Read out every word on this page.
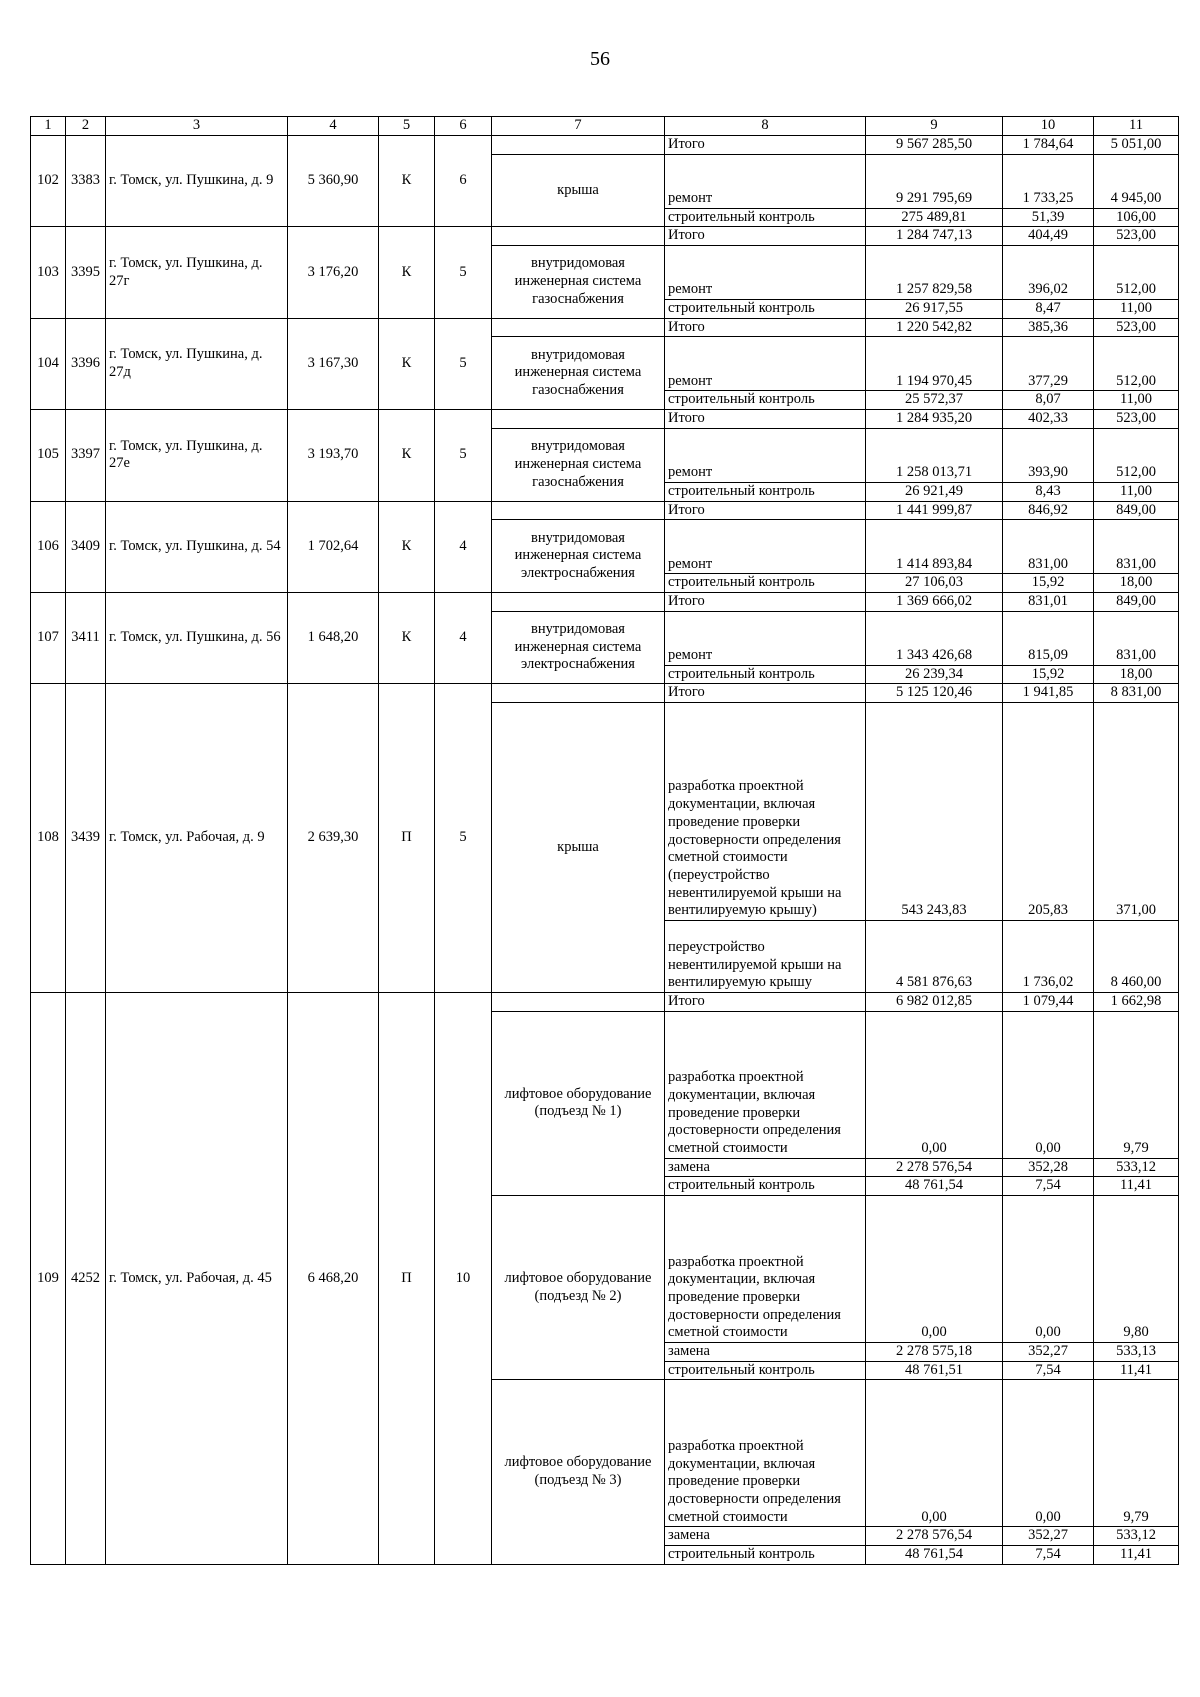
56
1	2	3	4	5	6	7	8	9	10	11
102	3383	г. Томск, ул. Пушкина, д. 9	5 360,90	К	6		Итого	9 567 285,50	1 784,64	5 051,00
						крыша	ремонт	9 291 795,69	1 733,25	4 945,00
							строительный контроль	275 489,81	51,39	106,00
103	3395	г. Томск, ул. Пушкина, д. 27г	3 176,20	К	5		Итого	1 284 747,13	404,49	523,00
						внутридомовая инженерная система газоснабжения	ремонт	1 257 829,58	396,02	512,00
							строительный контроль	26 917,55	8,47	11,00
104	3396	г. Томск, ул. Пушкина, д. 27д	3 167,30	К	5		Итого	1 220 542,82	385,36	523,00
						внутридомовая инженерная система газоснабжения	ремонт	1 194 970,45	377,29	512,00
							строительный контроль	25 572,37	8,07	11,00
105	3397	г. Томск, ул. Пушкина, д. 27е	3 193,70	К	5		Итого	1 284 935,20	402,33	523,00
						внутридомовая инженерная система газоснабжения	ремонт	1 258 013,71	393,90	512,00
							строительный контроль	26 921,49	8,43	11,00
106	3409	г. Томск, ул. Пушкина, д. 54	1 702,64	К	4		Итого	1 441 999,87	846,92	849,00
						внутридомовая инженерная система электроснабжения	ремонт	1 414 893,84	831,00	831,00
							строительный контроль	27 106,03	15,92	18,00
107	3411	г. Томск, ул. Пушкина, д. 56	1 648,20	К	4		Итого	1 369 666,02	831,01	849,00
						внутридомовая инженерная система электроснабжения	ремонт	1 343 426,68	815,09	831,00
							строительный контроль	26 239,34	15,92	18,00
108	3439	г. Томск, ул. Рабочая, д. 9	2 639,30	П	5		Итого	5 125 120,46	1 941,85	8 831,00
						крыша	разработка проектной документации, включая проведение проверки достоверности определения сметной стоимости (переустройство невентилируемой крыши на вентилируемую крышу)	543 243,83	205,83	371,00
							переустройство невентилируемой крыши на вентилируемую крышу	4 581 876,63	1 736,02	8 460,00
109	4252	г. Томск, ул. Рабочая, д. 45	6 468,20	П	10		Итого	6 982 012,85	1 079,44	1 662,98
						лифтовое оборудование (подъезд № 1)	разработка проектной документации, включая проведение проверки достоверности определения сметной стоимости	0,00	0,00	9,79
							замена	2 278 576,54	352,28	533,12
							строительный контроль	48 761,54	7,54	11,41
						лифтовое оборудование (подъезд № 2)	разработка проектной документации, включая проведение проверки достоверности определения сметной стоимости	0,00	0,00	9,80
							замена	2 278 575,18	352,27	533,13
							строительный контроль	48 761,51	7,54	11,41
						лифтовое оборудование (подъезд № 3)	разработка проектной документации, включая проведение проверки достоверности определения сметной стоимости	0,00	0,00	9,79
							замена	2 278 576,54	352,27	533,12
							строительный контроль	48 761,54	7,54	11,41
